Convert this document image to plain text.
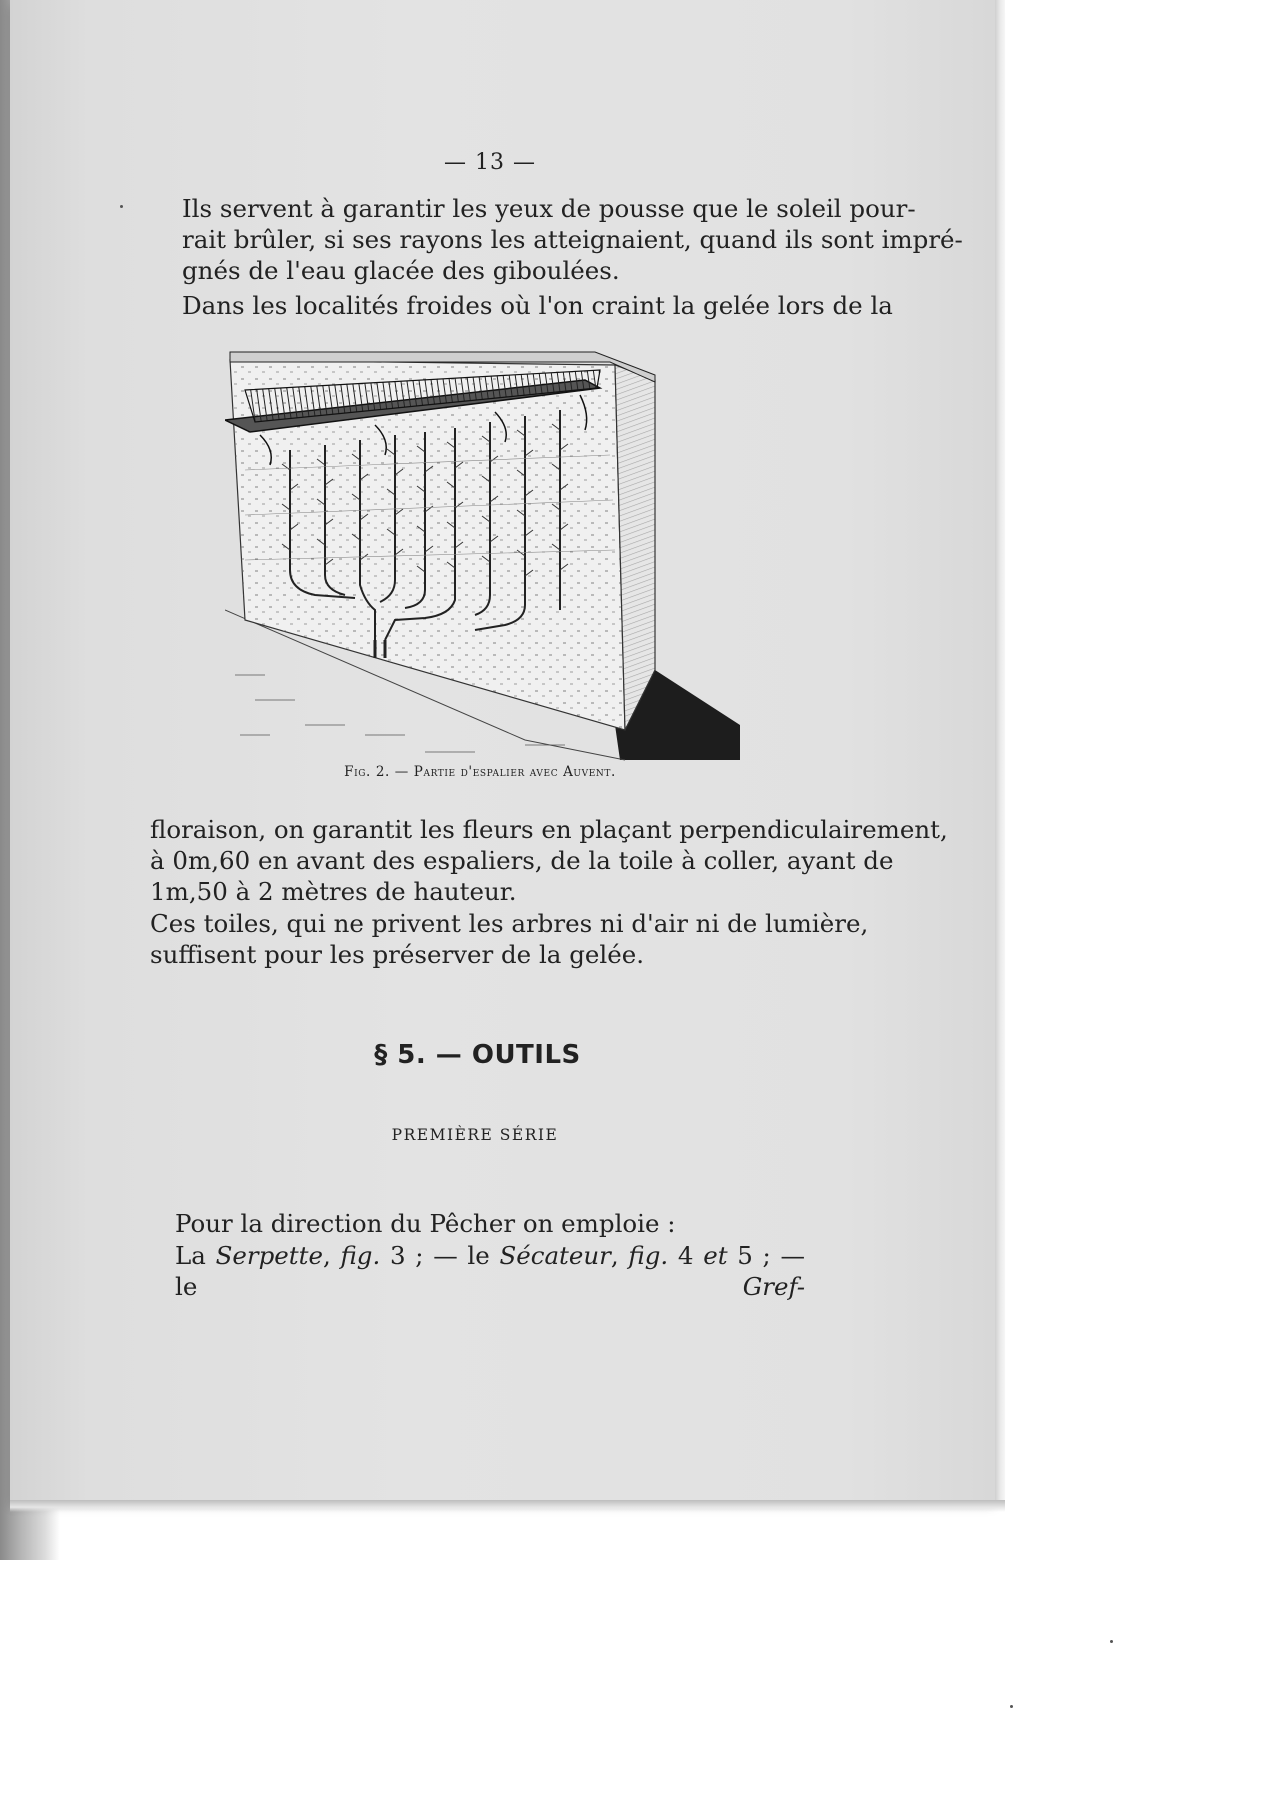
— 13 —
Ils servent à garantir les yeux de pousse que le soleil pour-
rait brûler, si ses rayons les atteignaient, quand ils sont impré-
gnés de l'eau glacée des giboulées.
Dans les localités froides où l'on craint la gelée lors de la
Fig. 2. — Partie d'espalier avec Auvent.
floraison, on garantit les fleurs en plaçant perpendiculairement,
à 0m,60 en avant des espaliers, de la toile à coller, ayant de
1m,50 à 2 mètres de hauteur.
Ces toiles, qui ne privent les arbres ni d'air ni de lumière,
suffisent pour les préserver de la gelée.
§ 5. — OUTILS
PREMIÈRE SÉRIE
Pour la direction du Pêcher on emploie :
La Serpette, fig. 3 ; — le Sécateur, fig. 4 et 5 ; — le Gref-
